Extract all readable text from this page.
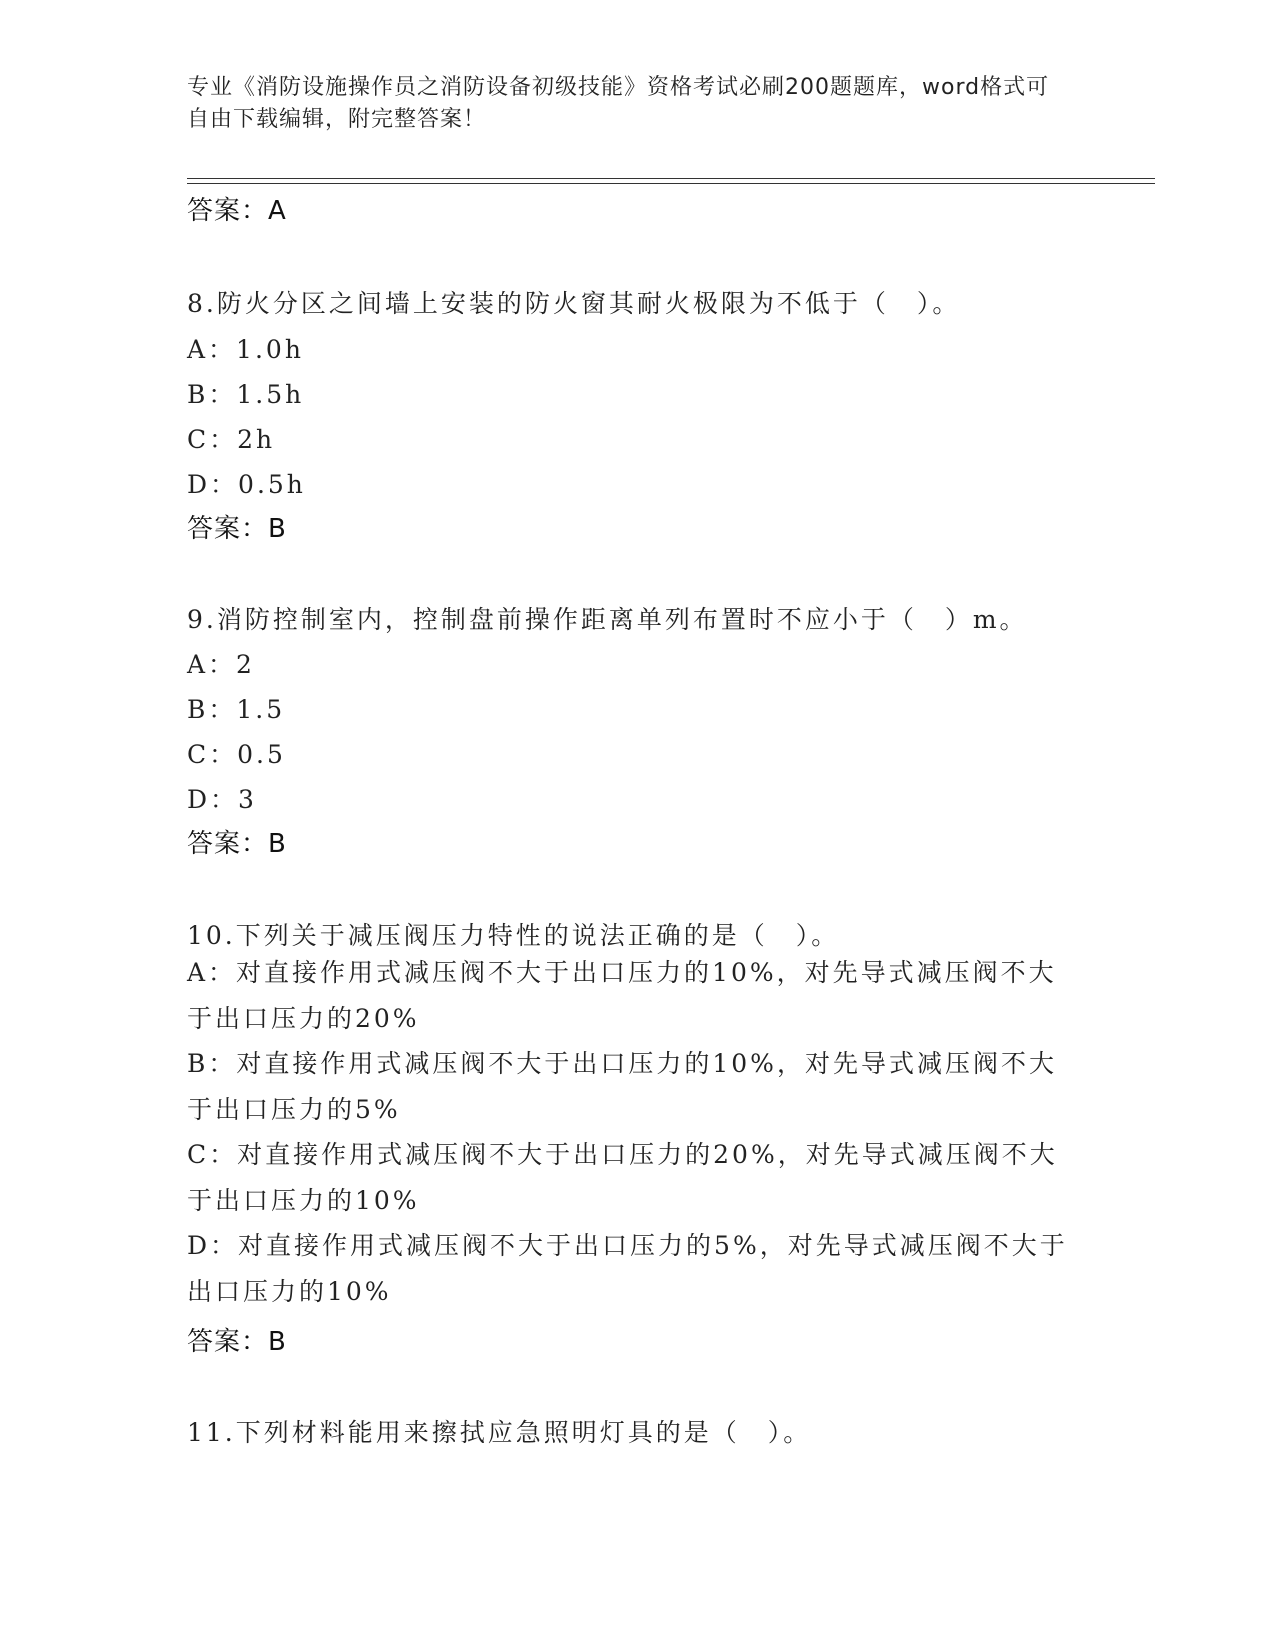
专业《消防设施操作员之消防设备初级技能》资格考试必刷200题题库，word格式可自由下载编辑，附完整答案！
答案：A
8.防火分区之间墙上安装的防火窗其耐火极限为不低于（　）。
A：1.0h
B：1.5h
C：2h
D：0.5h
答案：B
9.消防控制室内，控制盘前操作距离单列布置时不应小于（　）m。
A：2
B：1.5
C：0.5
D：3
答案：B
10.下列关于减压阀压力特性的说法正确的是（　）。
A：对直接作用式减压阀不大于出口压力的10%，对先导式减压阀不大于出口压力的20%
B：对直接作用式减压阀不大于出口压力的10%，对先导式减压阀不大于出口压力的5%
C：对直接作用式减压阀不大于出口压力的20%，对先导式减压阀不大于出口压力的10%
D：对直接作用式减压阀不大于出口压力的5%，对先导式减压阀不大于出口压力的10%
答案：B
11.下列材料能用来擦拭应急照明灯具的是（　）。
